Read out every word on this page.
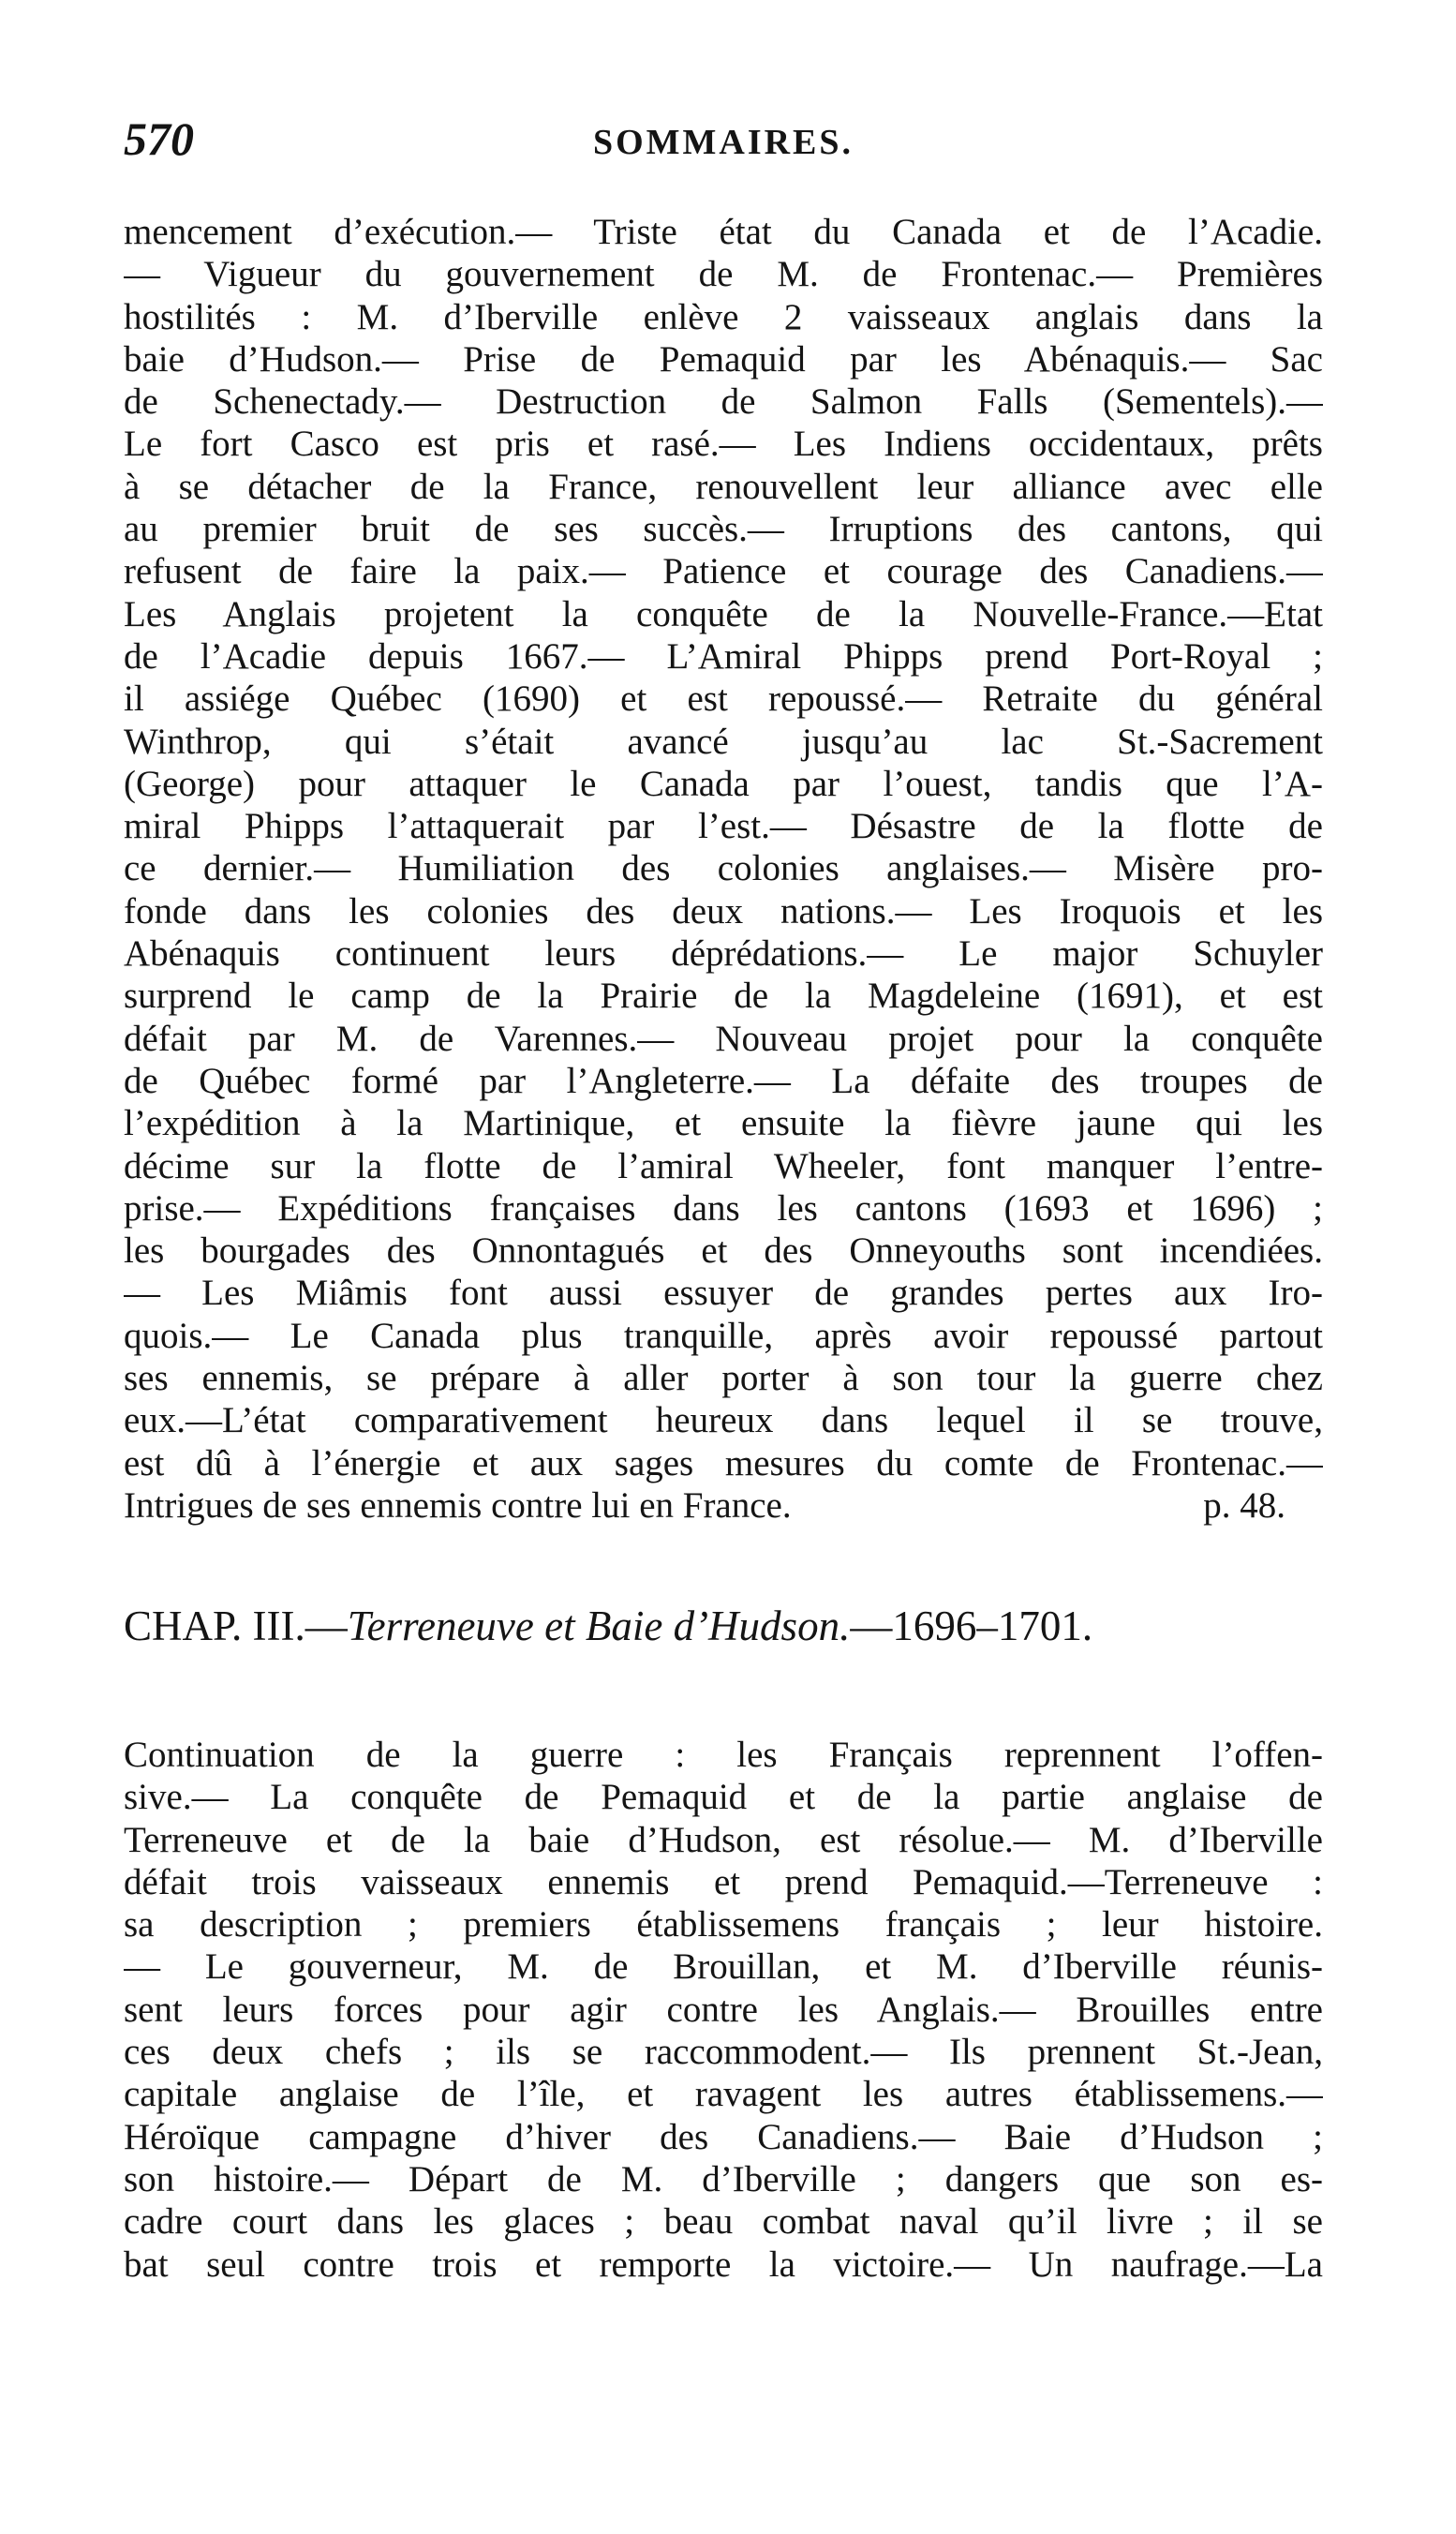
570	SOMMAIRES.
mencement d’exécution.— Triste état du Canada et de l’Acadie.
— Vigueur du gouvernement de M. de Frontenac.— Premières
hostilités : M. d’Iberville enlève 2 vaisseaux anglais dans la
baie d’Hudson.— Prise de Pemaquid par les Abénaquis.— Sac
de Schenectady.— Destruction de Salmon Falls (Sementels).—
Le fort Casco est pris et rasé.— Les Indiens occidentaux, prêts
à se détacher de la France, renouvellent leur alliance avec elle
au premier bruit de ses succès.— Irruptions des cantons, qui
refusent de faire la paix.— Patience et courage des Canadiens.—
Les Anglais projetent la conquête de la Nouvelle-France.—Etat
de l’Acadie depuis 1667.— L’Amiral Phipps prend Port-Royal ;
il assiége Québec (1690) et est repoussé.— Retraite du général
Winthrop, qui s’était avancé jusqu’au lac St.-Sacrement
(George) pour attaquer le Canada par l’ouest, tandis que l’A-
miral Phipps l’attaquerait par l’est.— Désastre de la flotte de
ce dernier.— Humiliation des colonies anglaises.— Misère pro-
fonde dans les colonies des deux nations.— Les Iroquois et les
Abénaquis continuent leurs déprédations.— Le major Schuyler
surprend le camp de la Prairie de la Magdeleine (1691), et est
défait par M. de Varennes.— Nouveau projet pour la conquête
de Québec formé par l’Angleterre.— La défaite des troupes de
l’expédition à la Martinique, et ensuite la fièvre jaune qui les
décime sur la flotte de l’amiral Wheeler, font manquer l’entre-
prise.— Expéditions françaises dans les cantons (1693 et 1696) ;
les bourgades des Onnontagués et des Onneyouths sont incendiées.
— Les Miâmis font aussi essuyer de grandes pertes aux Iro-
quois.— Le Canada plus tranquille, après avoir repoussé partout
ses ennemis, se prépare à aller porter à son tour la guerre chez
eux.—L’état comparativement heureux dans lequel il se trouve,
est dû à l’énergie et aux sages mesures du comte de Frontenac.—
Intrigues de ses ennemis contre lui en France.	p. 48.
CHAP. III.—Terreneuve et Baie d’Hudson.—1696–1701.
Continuation de la guerre : les Français reprennent l’offen-
sive.— La conquête de Pemaquid et de la partie anglaise de
Terreneuve et de la baie d’Hudson, est résolue.— M. d’Iberville
défait trois vaisseaux ennemis et prend Pemaquid.—Terreneuve :
sa description ; premiers établissemens français ; leur histoire.
— Le gouverneur, M. de Brouillan, et M. d’Iberville réunis-
sent leurs forces pour agir contre les Anglais.— Brouilles entre
ces deux chefs ; ils se raccommodent.— Ils prennent St.-Jean,
capitale anglaise de l’île, et ravagent les autres établissemens.—
Héroïque campagne d’hiver des Canadiens.— Baie d’Hudson ;
son histoire.— Départ de M. d’Iberville ; dangers que son es-
cadre court dans les glaces ; beau combat naval qu’il livre ; il se
bat seul contre trois et remporte la victoire.— Un naufrage.—La
